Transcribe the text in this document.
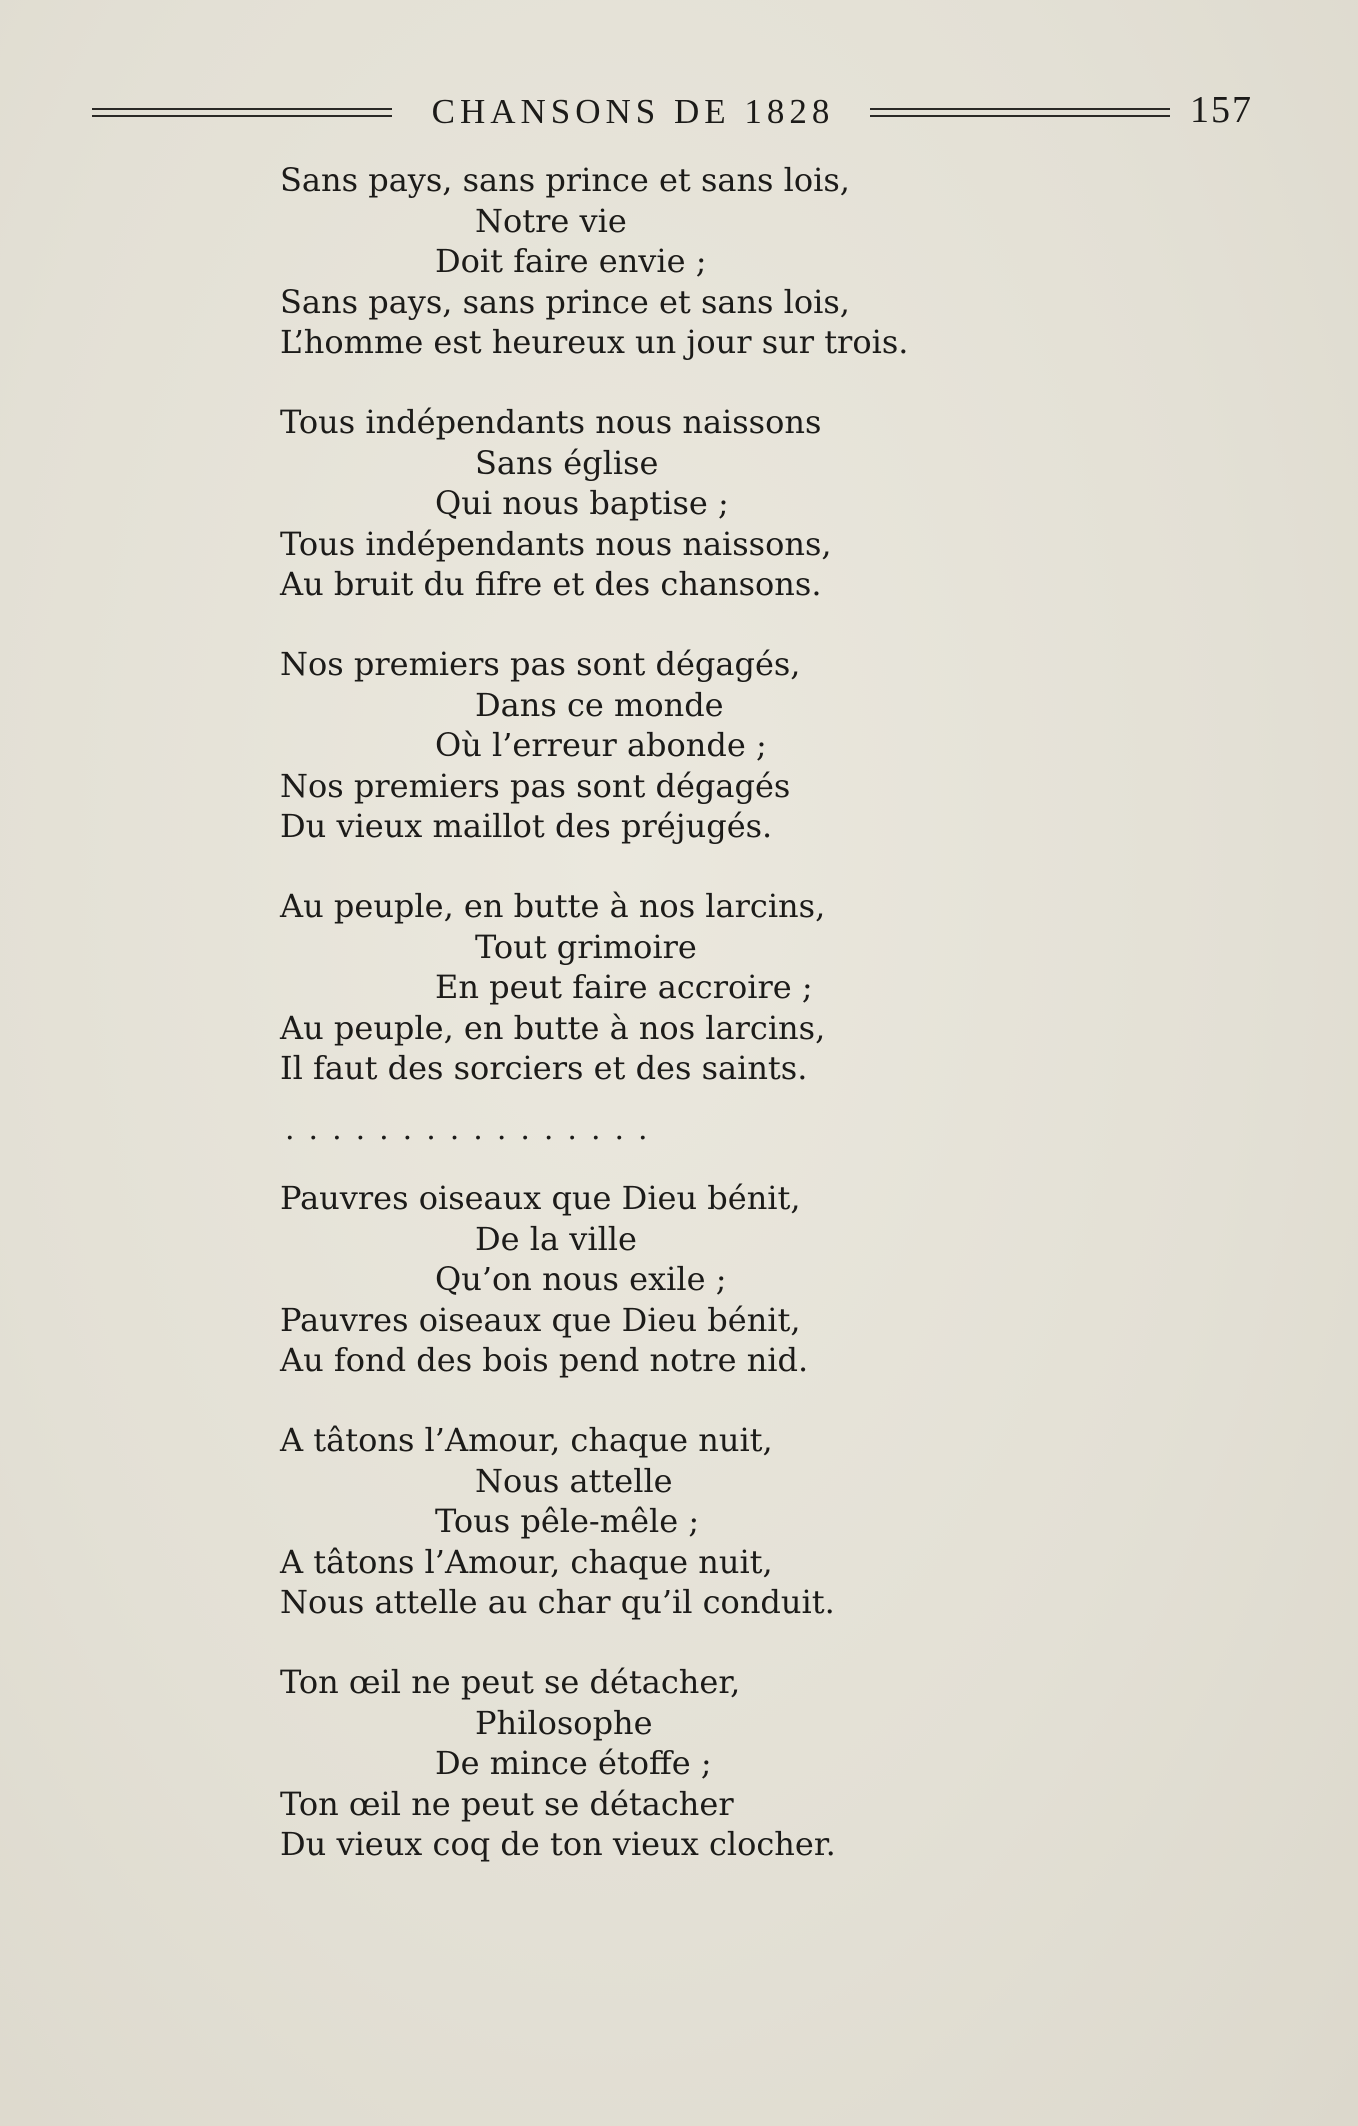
CHANSONS DE 1828	157
Sans pays, sans prince et sans lois,
Notre vie
Doit faire envie ;
Sans pays, sans prince et sans lois,
L’homme est heureux un jour sur trois.
Tous indépendants nous naissons
Sans église
Qui nous baptise ;
Tous indépendants nous naissons,
Au bruit du fifre et des chansons.
Nos premiers pas sont dégagés,
Dans ce monde
Où l’erreur abonde ;
Nos premiers pas sont dégagés
Du vieux maillot des préjugés.
Au peuple, en butte à nos larcins,
Tout grimoire
En peut faire accroire ;
Au peuple, en butte à nos larcins,
Il faut des sorciers et des saints.
................
Pauvres oiseaux que Dieu bénit,
De la ville
Qu’on nous exile ;
Pauvres oiseaux que Dieu bénit,
Au fond des bois pend notre nid.
A tâtons l’Amour, chaque nuit,
Nous attelle
Tous pêle-mêle ;
A tâtons l’Amour, chaque nuit,
Nous attelle au char qu’il conduit.
Ton œil ne peut se détacher,
Philosophe
De mince étoffe ;
Ton œil ne peut se détacher
Du vieux coq de ton vieux clocher.
